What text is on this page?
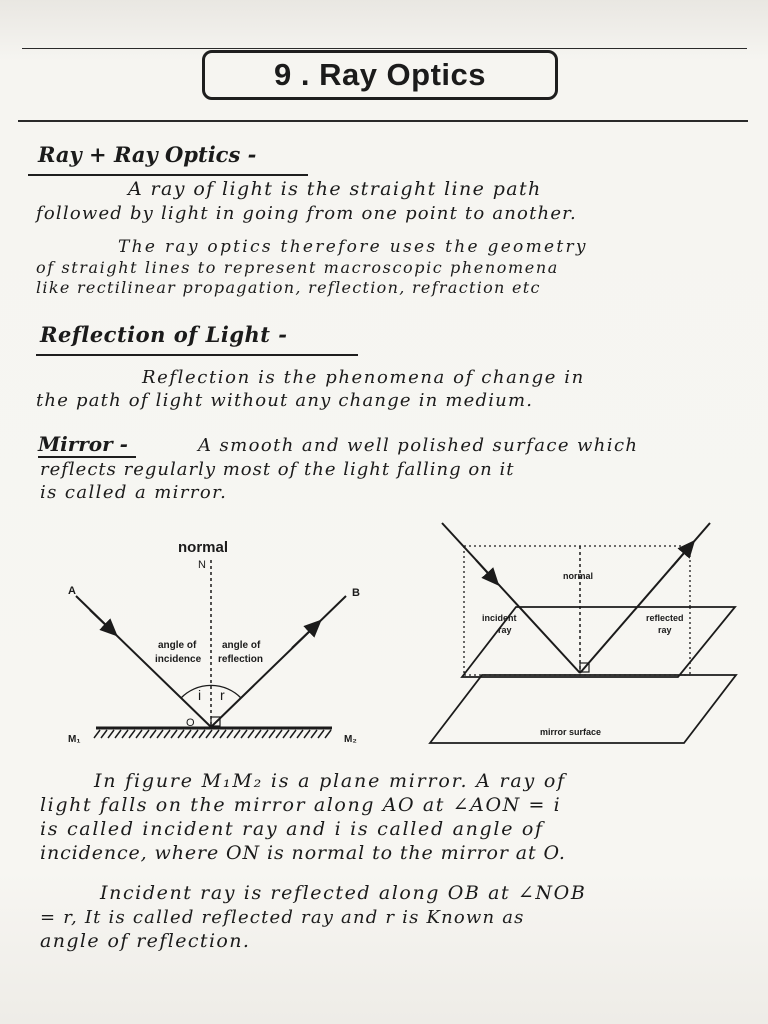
9 . Ray Optics
Ray + Ray Optics -
A ray of light is the straight line path
followed by light in going from one point to another.
The ray optics therefore uses the geometry
of straight lines to represent macroscopic phenomena
like rectilinear propagation, reflection, refraction etc
Reflection of Light -
Reflection is the phenomena of change in
the path of light without any change in medium.
Mirror -	A smooth and well polished surface which
reflects regularly most of the light falling on it
is called a mirror.
normal
N
A	B
angle of
incidence
angle of
reflection
i r
O
M₁	M₂
normal
incident
ray
reflected
ray
mirror surface
In figure M₁M₂ is a plane mirror. A ray of
light falls on the mirror along AO at ∠AON = i
is called incident ray and i is called angle of
incidence, where ON is normal to the mirror at O.
Incident ray is reflected along OB at ∠NOB
= r, It is called reflected ray and r is Known as
angle of reflection.
